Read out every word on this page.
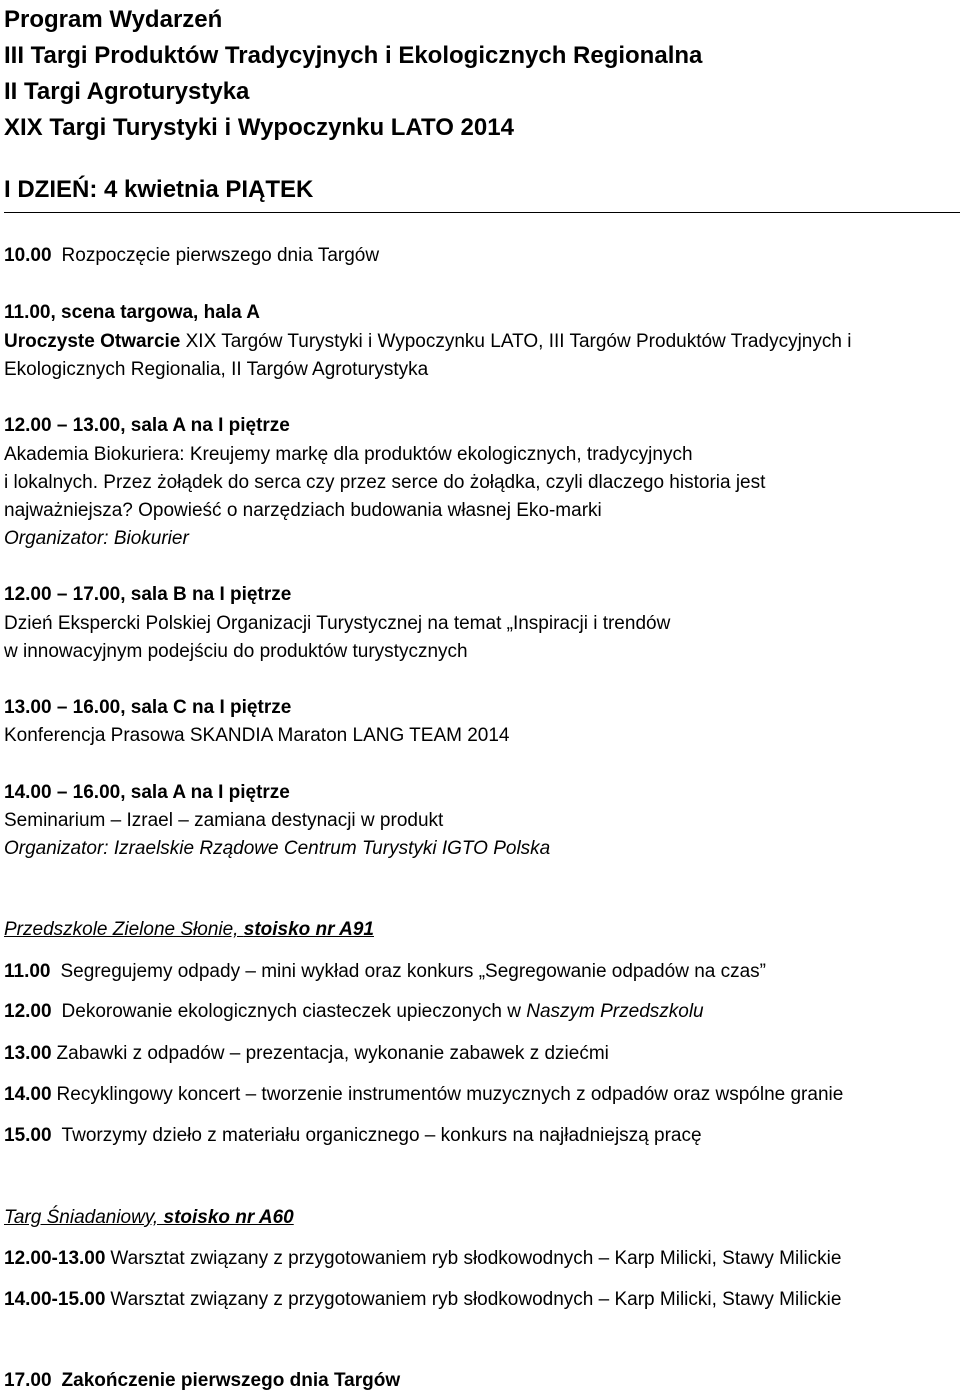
Program Wydarzeń
III Targi Produktów Tradycyjnych i Ekologicznych Regionalna
II Targi Agroturystyka
XIX Targi Turystyki i Wypoczynku LATO 2014
I DZIEŃ: 4 kwietnia PIĄTEK
10.00 Rozpoczęcie pierwszego dnia Targów
11.00, scena targowa, hala A
Uroczyste Otwarcie XIX Targów Turystyki i Wypoczynku LATO, III Targów Produktów Tradycyjnych i
Ekologicznych Regionalia, II Targów Agroturystyka
12.00 – 13.00, sala A na I piętrze
Akademia Biokuriera: Kreujemy markę dla produktów ekologicznych, tradycyjnych
i lokalnych. Przez żołądek do serca czy przez serce do żołądka, czyli dlaczego historia jest
najważniejsza? Opowieść o narzędziach budowania własnej Eko-marki
Organizator: Biokurier
12.00 – 17.00, sala B na I piętrze
Dzień Ekspercki Polskiej Organizacji Turystycznej na temat „Inspiracji i trendów
w innowacyjnym podejściu do produktów turystycznych
13.00 – 16.00, sala C na I piętrze
Konferencja Prasowa SKANDIA Maraton LANG TEAM 2014
14.00 – 16.00, sala A na I piętrze
Seminarium – Izrael – zamiana destynacji w produkt
Organizator: Izraelskie Rządowe Centrum Turystyki IGTO Polska
Przedszkole Zielone Słonie, stoisko nr A91
11.00 Segregujemy odpady – mini wykład oraz konkurs „Segregowanie odpadów na czas”
12.00 Dekorowanie ekologicznych ciasteczek upieczonych w Naszym Przedszkolu
13.00 Zabawki z odpadów – prezentacja, wykonanie zabawek z dziećmi
14.00 Recyklingowy koncert – tworzenie instrumentów muzycznych z odpadów oraz wspólne granie
15.00 Tworzymy dzieło z materiału organicznego – konkurs na najładniejszą pracę
Targ Śniadaniowy, stoisko nr A60
12.00-13.00 Warsztat związany z przygotowaniem ryb słodkowodnych – Karp Milicki, Stawy Milickie
14.00-15.00 Warsztat związany z przygotowaniem ryb słodkowodnych – Karp Milicki, Stawy Milickie
17.00 Zakończenie pierwszego dnia Targów
